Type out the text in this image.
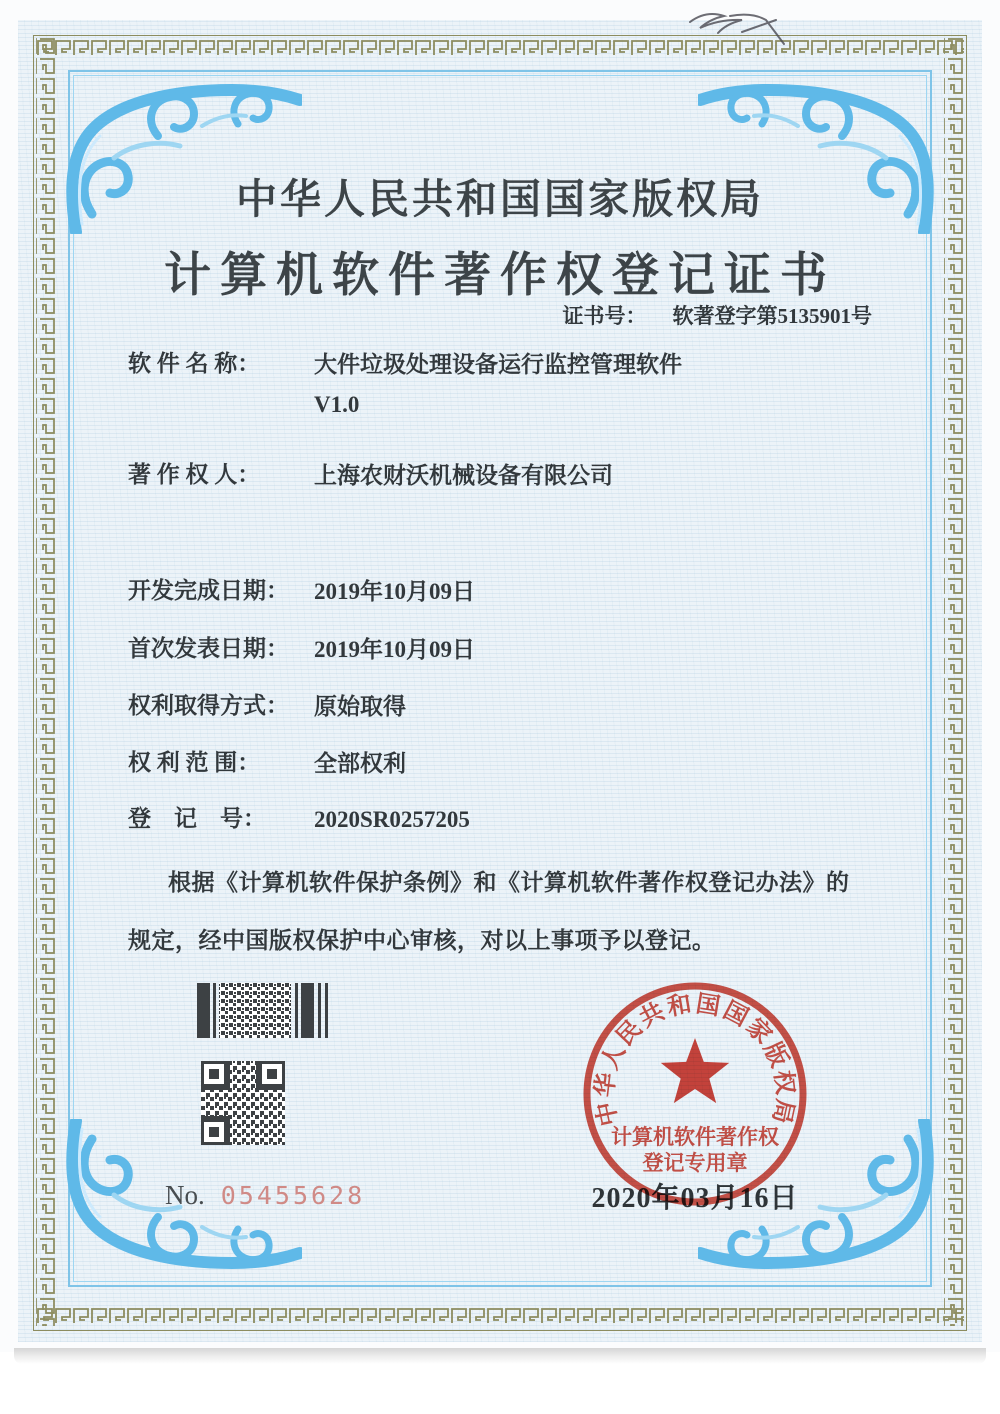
中华人民共和国国家版权局
计算机软件著作权登记证书
证书号： 软著登字第5135901号
软 件 名 称：	大件垃圾处理设备运行监控管理软件
V1.0
著 作 权 人：	上海农财沃机械设备有限公司
开发完成日期：	2019年10月09日
首次发表日期：	2019年10月09日
权利取得方式：	原始取得
权 利 范 围：	全部权利
登　记　号：	2020SR0257205
根据《计算机软件保护条例》和《计算机软件著作权登记办法》的
规定，经中国版权保护中心审核，对以上事项予以登记。
No. 05455628	2020年03月16日
中华人民共和国国家版权局
计算机软件著作权
登记专用章
